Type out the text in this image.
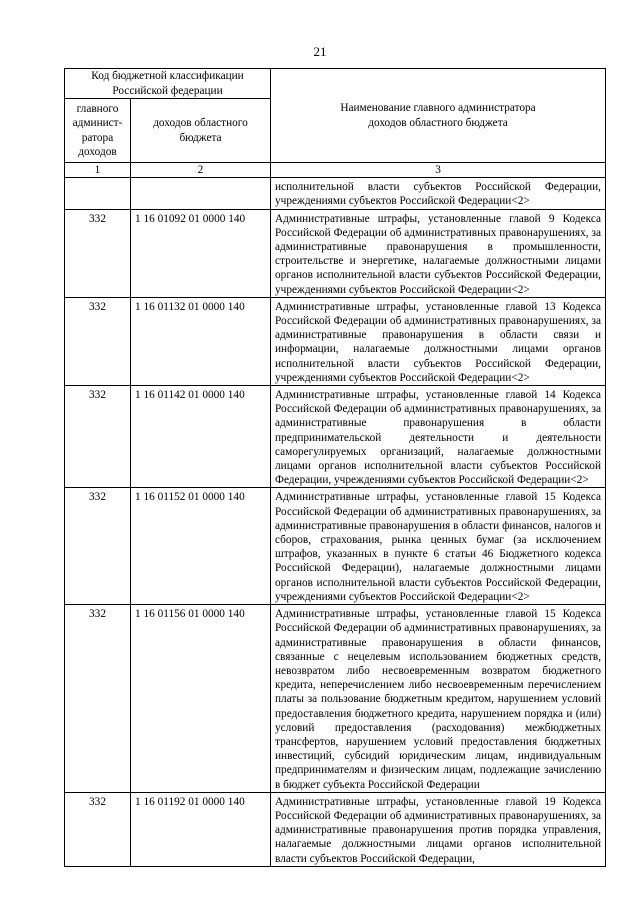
21
Код бюджетной классификации Российской федерации		Наименование главного администратора доходов областного бюджета

главного админист-ратора доходов	доходов областного бюджета	

1	2	3
		исполнительной власти субъектов Российской Федерации, учреждениями субъектов Российской Федерации<2>
332	1 16 01092 01 0000 140	Административные штрафы, установленные главой 9 Кодекса Российской Федерации об административных правонарушениях, за административные правонарушения в промышленности, строительстве и энергетике, налагаемые должностными лицами органов исполнительной власти субъектов Российской Федерации, учреждениями субъектов Российской Федерации<2>
332	1 16 01132 01 0000 140	Административные штрафы, установленные главой 13 Кодекса Российской Федерации об административных правонарушениях, за административные правонарушения в области связи и информации, налагаемые должностными лицами органов исполнительной власти субъектов Российской Федерации, учреждениями субъектов Российской Федерации<2>
332	1 16 01142 01 0000 140	Административные штрафы, установленные главой 14 Кодекса Российской Федерации об административных правонарушениях, за административные правонарушения в области предпринимательской деятельности и деятельности саморегулируемых организаций, налагаемые должностными лицами органов исполнительной власти субъектов Российской Федерации, учреждениями субъектов Российской Федерации<2>
332	1 16 01152 01 0000 140	Административные штрафы, установленные главой 15 Кодекса Российской Федерации об административных правонарушениях, за административные правонарушения в области финансов, налогов и сборов, страхования, рынка ценных бумаг (за исключением штрафов, указанных в пункте 6 статьи 46 Бюджетного кодекса Российской Федерации), налагаемые должностными лицами органов исполнительной власти субъектов Российской Федерации, учреждениями субъектов Российской Федерации<2>
332	1 16 01156 01 0000 140	Административные штрафы, установленные главой 15 Кодекса Российской Федерации об административных правонарушениях, за административные правонарушения в области финансов, связанные с нецелевым использованием бюджетных средств, невозвратом либо несвоевременным возвратом бюджетного кредита, неперечислением либо несвоевременным перечислением платы за пользование бюджетным кредитом, нарушением условий предоставления бюджетного кредита, нарушением порядка и (или) условий предоставления (расходования) межбюджетных трансфертов, нарушением условий предоставления бюджетных инвестиций, субсидий юридическим лицам, индивидуальным предпринимателям и физическим лицам, подлежащие зачислению в бюджет субъекта Российской Федерации
332	1 16 01192 01 0000 140	Административные штрафы, установленные главой 19 Кодекса Российской Федерации об административных правонарушениях, за административные правонарушения против порядка управления, налагаемые должностными лицами органов исполнительной власти субъектов Российской Федерации,
